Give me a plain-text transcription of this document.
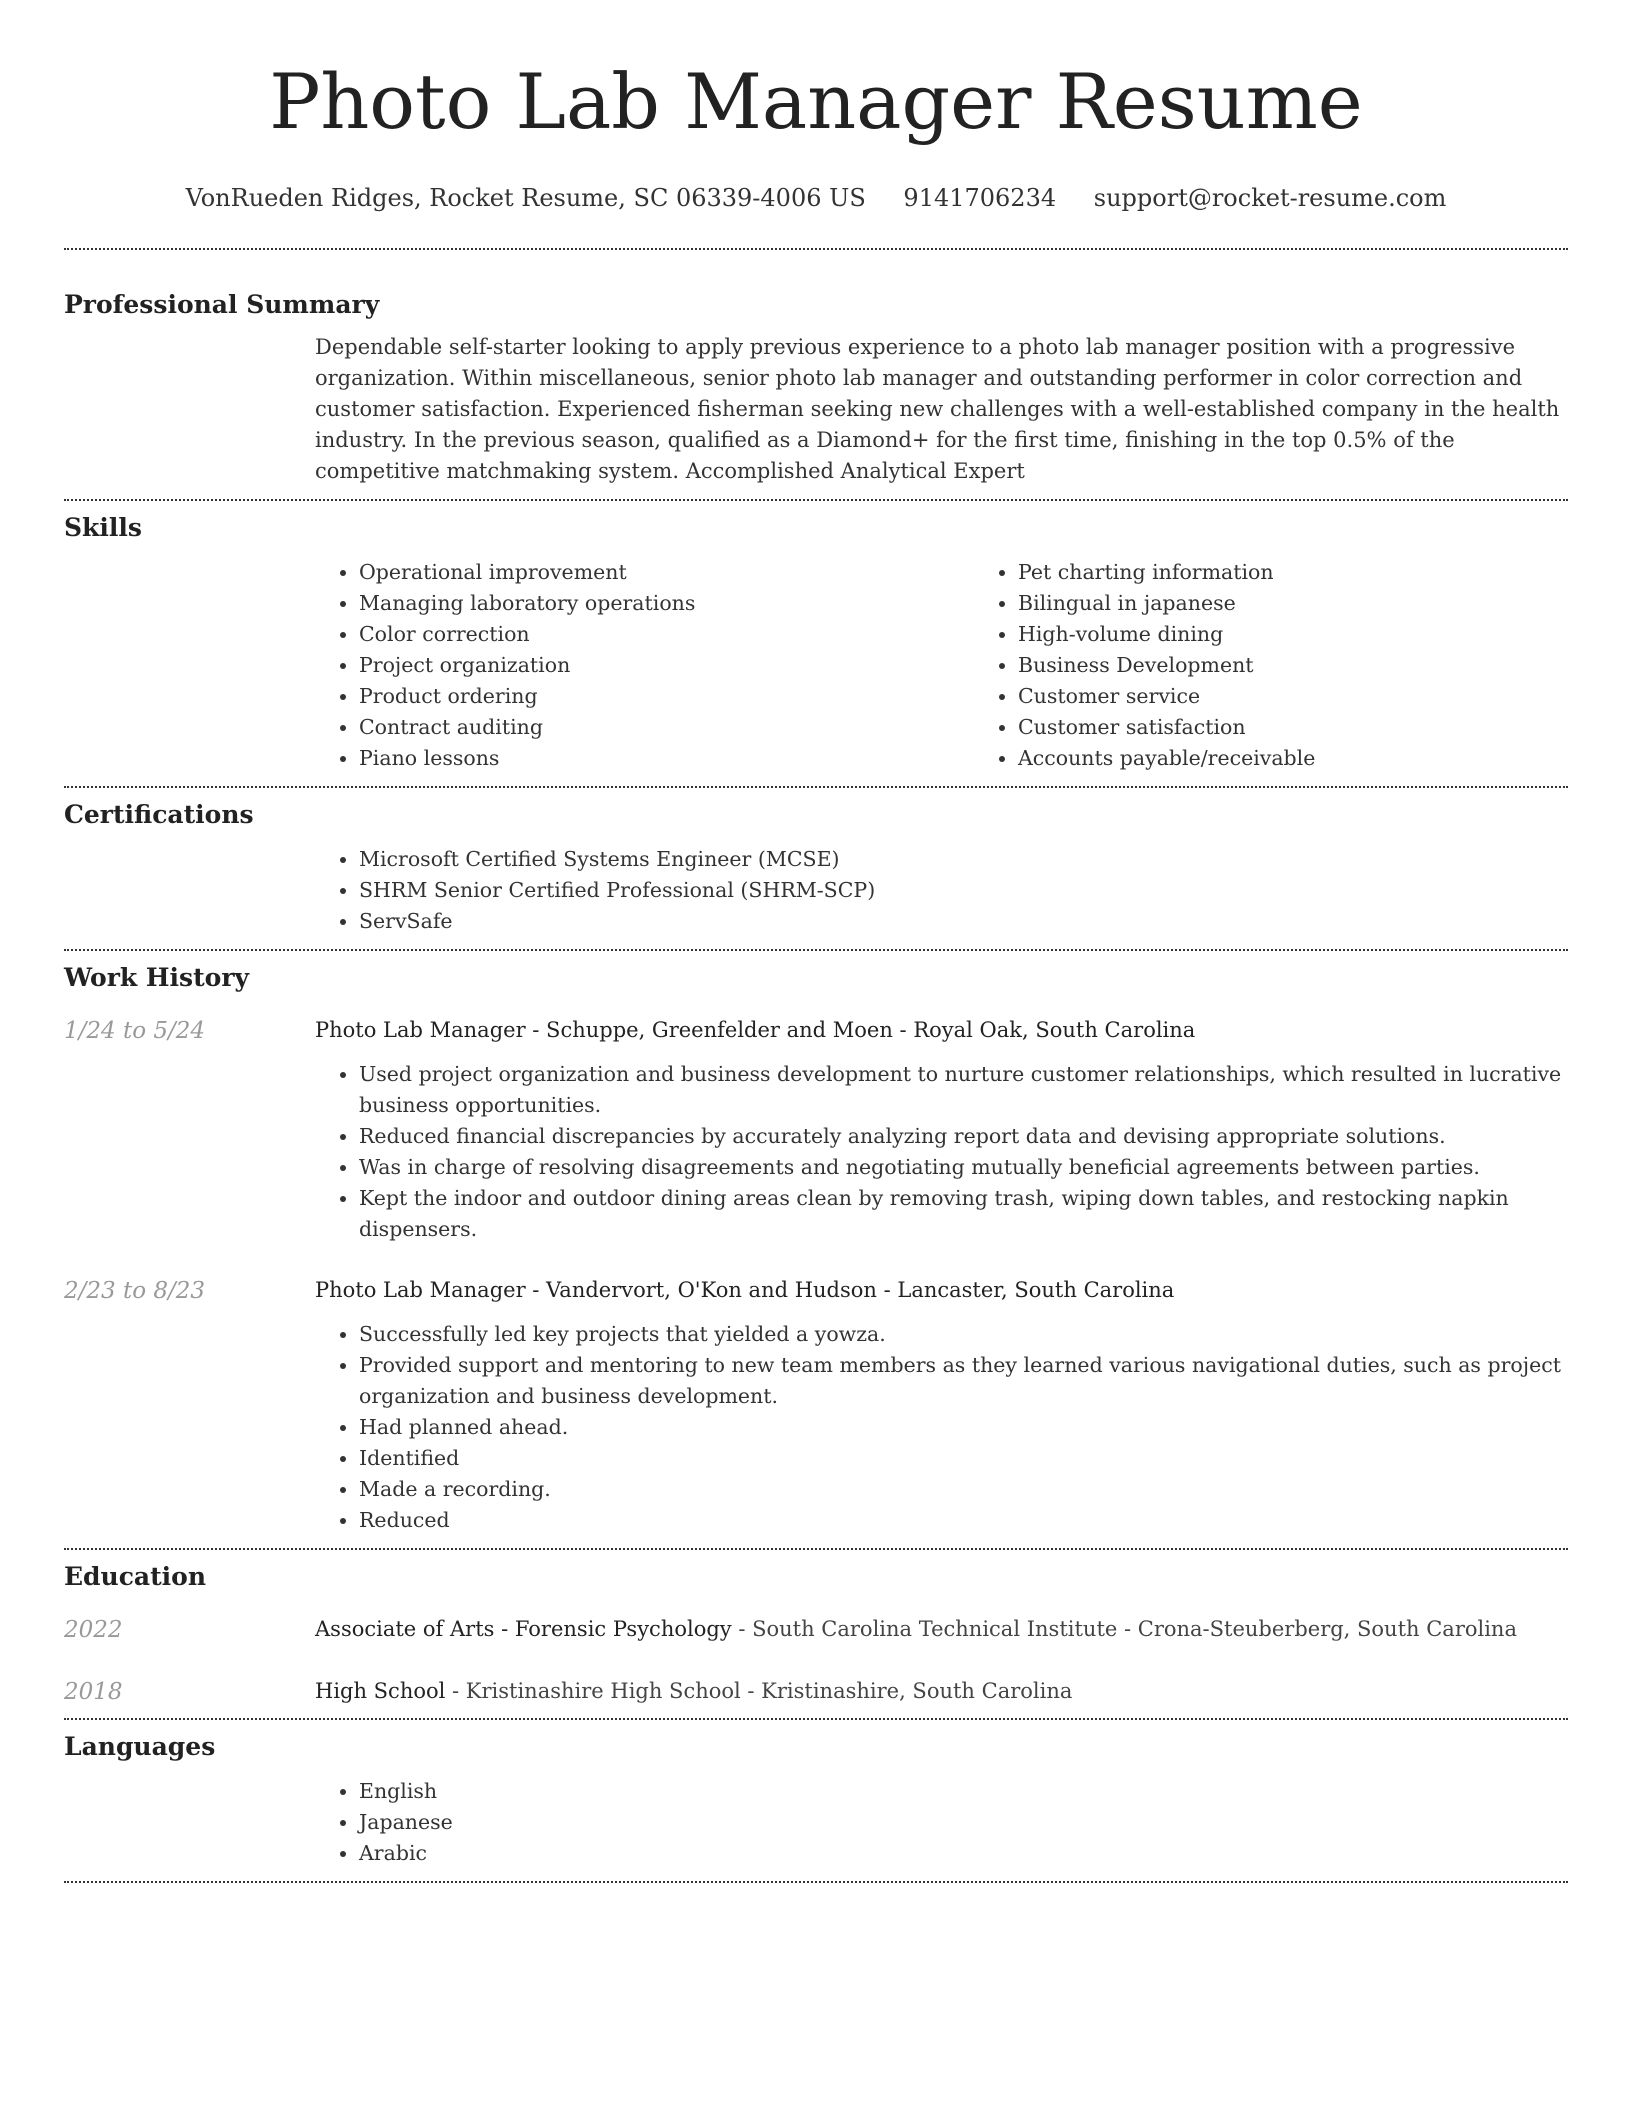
Photo Lab Manager Resume
VonRueden Ridges, Rocket Resume, SC 06339-4006 US 9141706234 support@rocket-resume.com
Professional Summary
Dependable self-starter looking to apply previous experience to a photo lab manager position with a progressive organization. Within miscellaneous, senior photo lab manager and outstanding performer in color correction and customer satisfaction. Experienced fisherman seeking new challenges with a well-established company in the health industry. In the previous season, qualified as a Diamond+ for the first time, finishing in the top 0.5% of the competitive matchmaking system. Accomplished Analytical Expert
Skills
• Operational improvement
• Managing laboratory operations
• Color correction
• Project organization
• Product ordering
• Contract auditing
• Piano lessons
• Pet charting information
• Bilingual in japanese
• High-volume dining
• Business Development
• Customer service
• Customer satisfaction
• Accounts payable/receivable
Certifications
• Microsoft Certified Systems Engineer (MCSE)
• SHRM Senior Certified Professional (SHRM-SCP)
• ServSafe
Work History
1/24 to 5/24	Photo Lab Manager - Schuppe, Greenfelder and Moen - Royal Oak, South Carolina
• Used project organization and business development to nurture customer relationships, which resulted in lucrative business opportunities.
• Reduced financial discrepancies by accurately analyzing report data and devising appropriate solutions.
• Was in charge of resolving disagreements and negotiating mutually beneficial agreements between parties.
• Kept the indoor and outdoor dining areas clean by removing trash, wiping down tables, and restocking napkin dispensers.
2/23 to 8/23	Photo Lab Manager - Vandervort, O'Kon and Hudson - Lancaster, South Carolina
• Successfully led key projects that yielded a yowza.
• Provided support and mentoring to new team members as they learned various navigational duties, such as project organization and business development.
• Had planned ahead.
• Identified
• Made a recording.
• Reduced
Education
2022	Associate of Arts - Forensic Psychology - South Carolina Technical Institute - Crona-Steuberberg, South Carolina
2018	High School - Kristinashire High School - Kristinashire, South Carolina
Languages
• English
• Japanese
• Arabic
